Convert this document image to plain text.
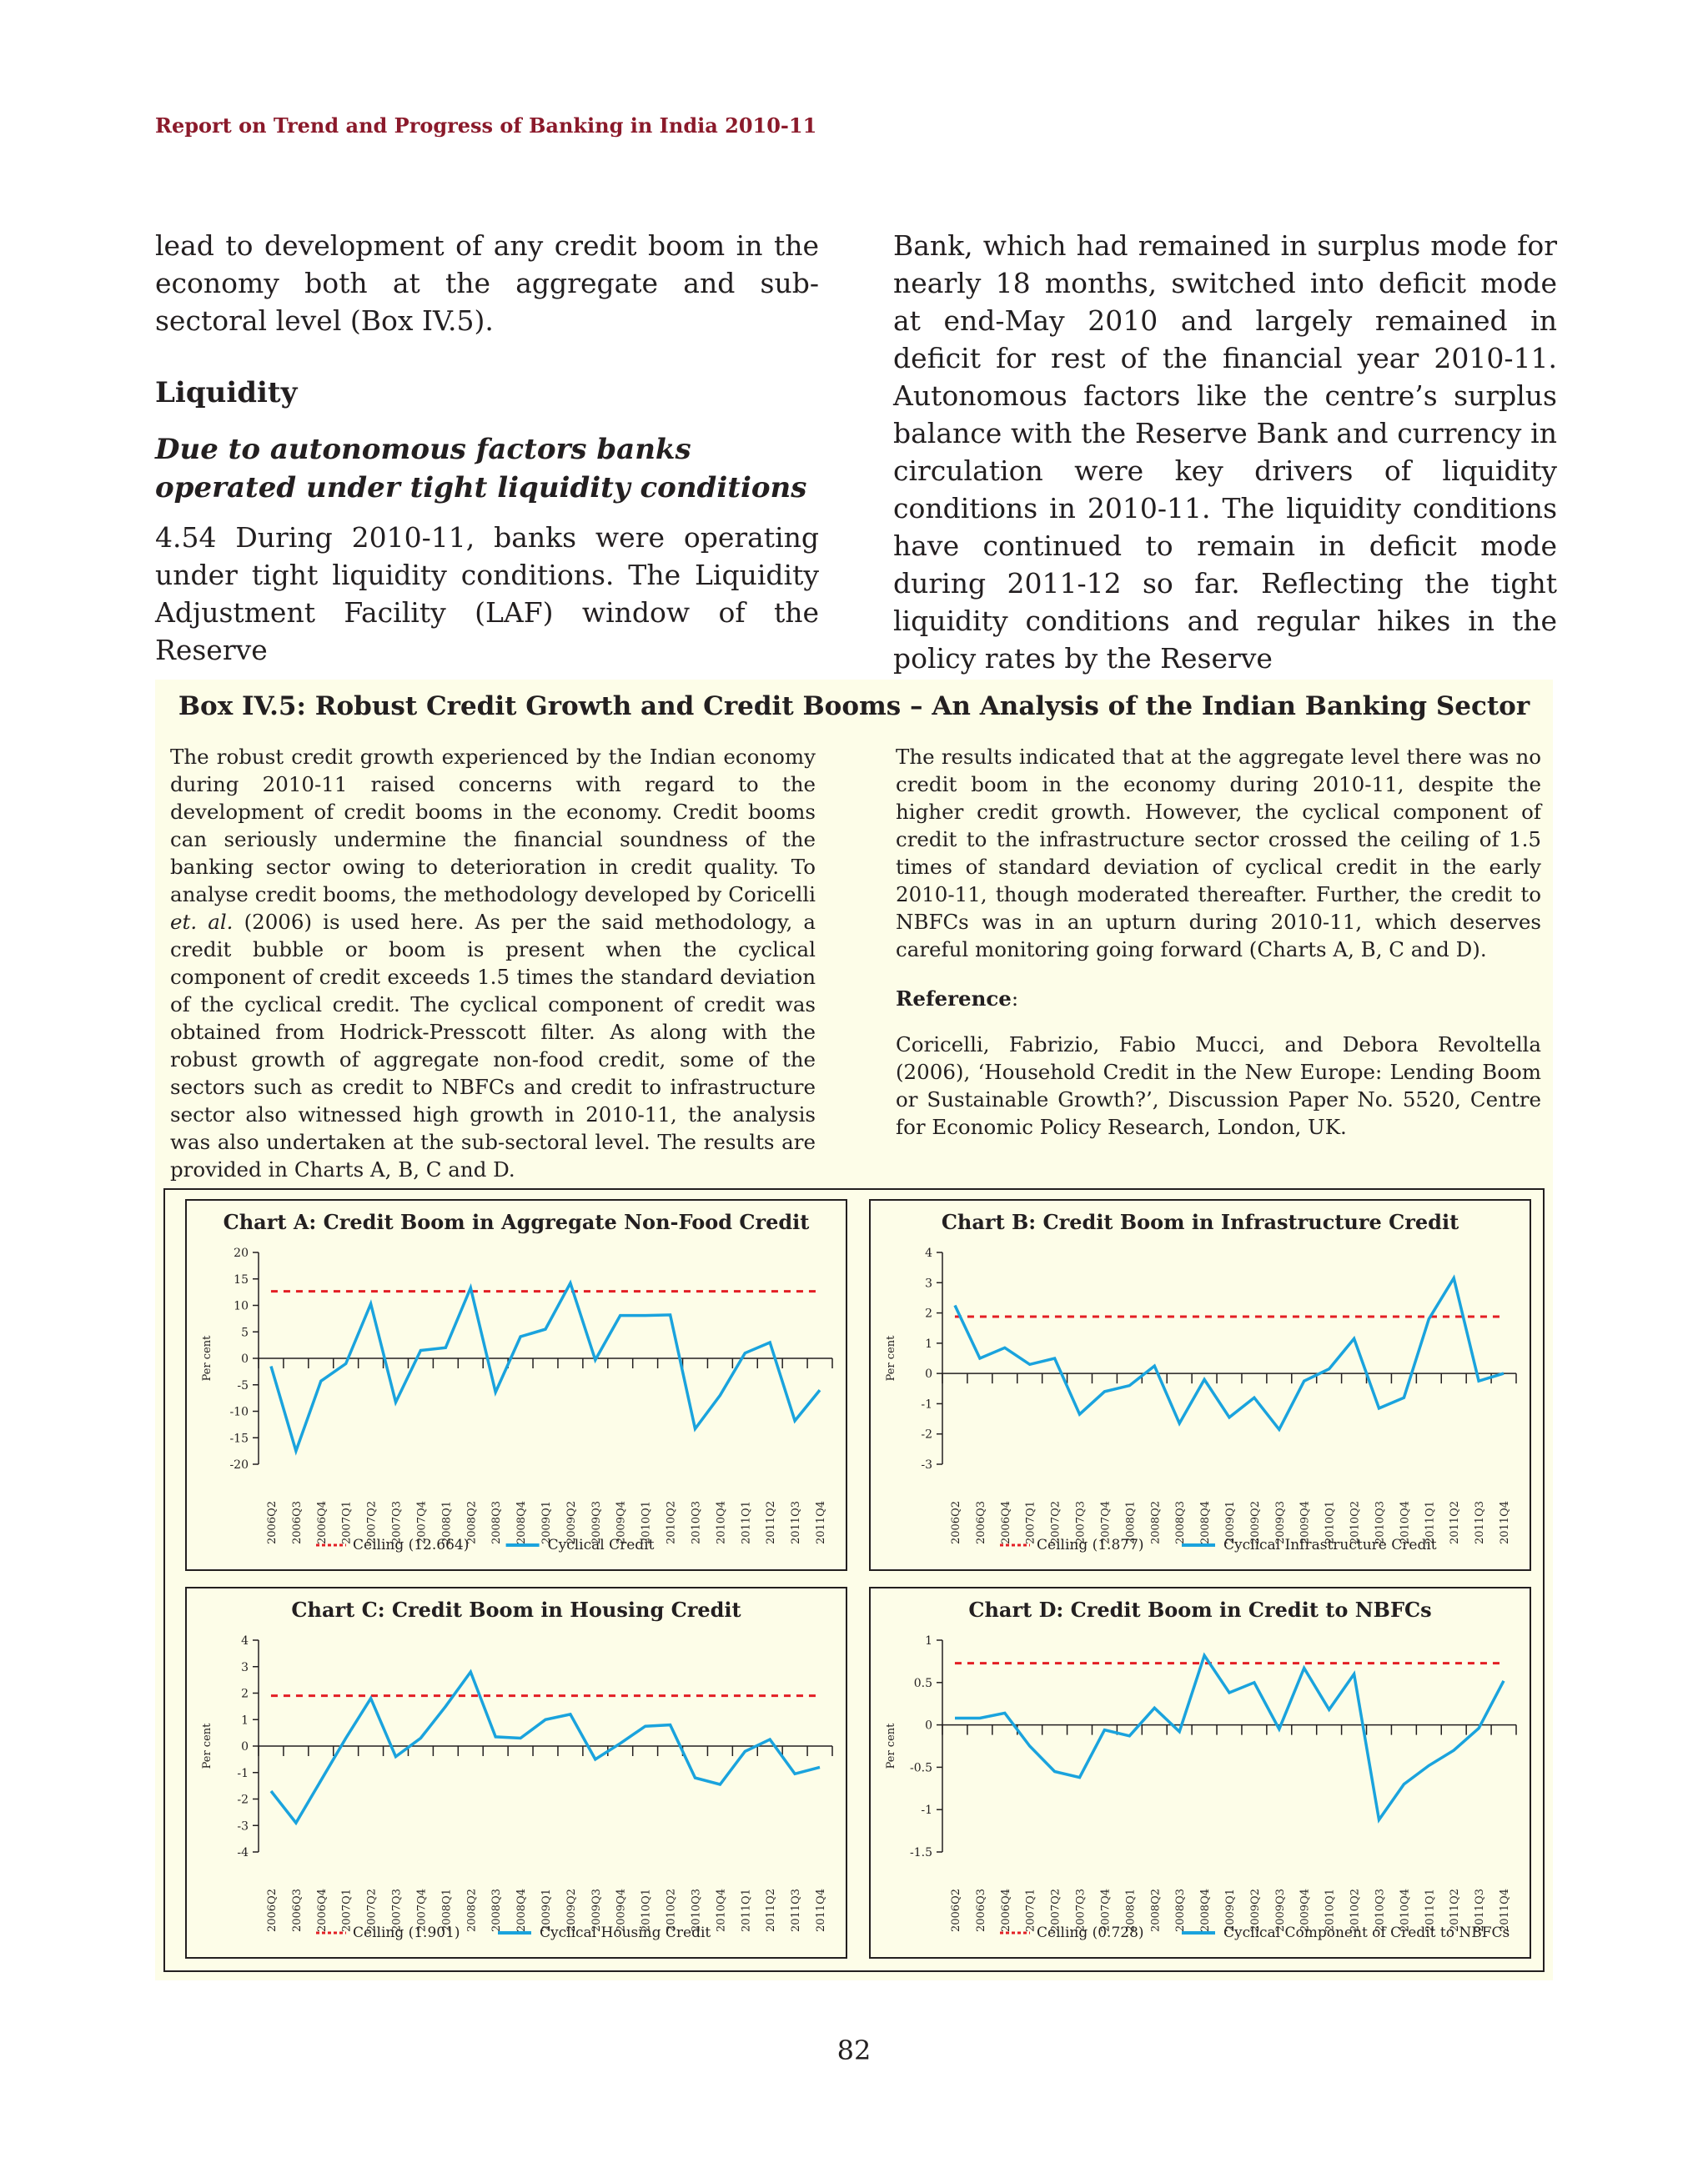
Report on Trend and Progress of Banking in India 2010-11

lead to development of any credit boom in the economy both at the aggregate and sub-sectoral level (Box IV.5).

Liquidity

Due to autonomous factors banks operated under tight liquidity conditions

4.54 During 2010-11, banks were operating under tight liquidity conditions. The Liquidity Adjustment Facility (LAF) window of the Reserve

Bank, which had remained in surplus mode for nearly 18 months, switched into deficit mode at end-May 2010 and largely remained in deficit for rest of the financial year 2010-11. Autonomous factors like the centre’s surplus balance with the Reserve Bank and currency in circulation were key drivers of liquidity conditions in 2010-11. The liquidity conditions have continued to remain in deficit mode during 2011-12 so far. Reflecting the tight liquidity conditions and regular hikes in the policy rates by the Reserve

Box IV.5: Robust Credit Growth and Credit Booms – An Analysis of the Indian Banking Sector

The robust credit growth experienced by the Indian economy during 2010-11 raised concerns with regard to the development of credit booms in the economy. Credit booms can seriously undermine the financial soundness of the banking sector owing to deterioration in credit quality. To analyse credit booms, the methodology developed by Coricelli et. al. (2006) is used here. As per the said methodology, a credit bubble or boom is present when the cyclical component of credit exceeds 1.5 times the standard deviation of the cyclical credit. The cyclical component of credit was obtained from Hodrick-Presscott filter. As along with the robust growth of aggregate non-food credit, some of the sectors such as credit to NBFCs and credit to infrastructure sector also witnessed high growth in 2010-11, the analysis was also undertaken at the sub-sectoral level. The results are provided in Charts A, B, C and D.

The results indicated that at the aggregate level there was no credit boom in the economy during 2010-11, despite the higher credit growth. However, the cyclical component of credit to the infrastructure sector crossed the ceiling of 1.5 times of standard deviation of cyclical credit in the early 2010-11, though moderated thereafter. Further, the credit to NBFCs was in an upturn during 2010-11, which deserves careful monitoring going forward (Charts A, B, C and D).

Reference:

Coricelli, Fabrizio, Fabio Mucci, and Debora Revoltella (2006), ‘Household Credit in the New Europe: Lending Boom or Sustainable Growth?’, Discussion Paper No. 5520, Centre for Economic Policy Research, London, UK.

Chart A: Credit Boom in Aggregate Non-Food Credit
20
15
10
5
0
-5
-10
-15
-20
Per cent
2006Q2 2006Q3 2006Q4 2007Q1 2007Q2 2007Q3 2007Q4 2008Q1 2008Q2 2008Q3 2008Q4 2009Q1 2009Q2 2009Q3 2009Q4 2010Q1 2010Q2 2010Q3 2010Q4 2011Q1 2011Q2 2011Q3 2011Q4
Ceiling (12.664)	Cyclical Credit
Chart B: Credit Boom in Infrastructure Credit
4
3
2
1
0
-1
-2
-3
Per cent
2006Q2 2006Q3 2006Q4 2007Q1 2007Q2 2007Q3 2007Q4 2008Q1 2008Q2 2008Q3 2008Q4 2009Q1 2009Q2 2009Q3 2009Q4 2010Q1 2010Q2 2010Q3 2010Q4 2011Q1 2011Q2 2011Q3 2011Q4
Ceiling (1.877)	Cyclical Infrastructure Credit
Chart C: Credit Boom in Housing Credit
4
3
2
1
0
-1
-2
-3
-4
Per cent
2006Q2 2006Q3 2006Q4 2007Q1 2007Q2 2007Q3 2007Q4 2008Q1 2008Q2 2008Q3 2008Q4 2009Q1 2009Q2 2009Q3 2009Q4 2010Q1 2010Q2 2010Q3 2010Q4 2011Q1 2011Q2 2011Q3 2011Q4
Ceiling (1.901)	Cyclical Housing Credit
Chart D: Credit Boom in Credit to NBFCs
1
0.5
0
-0.5
-1
-1.5
Per cent
2006Q2 2006Q3 2006Q4 2007Q1 2007Q2 2007Q3 2007Q4 2008Q1 2008Q2 2008Q3 2008Q4 2009Q1 2009Q2 2009Q3 2009Q4 2010Q1 2010Q2 2010Q3 2010Q4 2011Q1 2011Q2 2011Q3 2011Q4
Ceiling (0.728)	Cyclical Component of Credit to NBFCs
82
